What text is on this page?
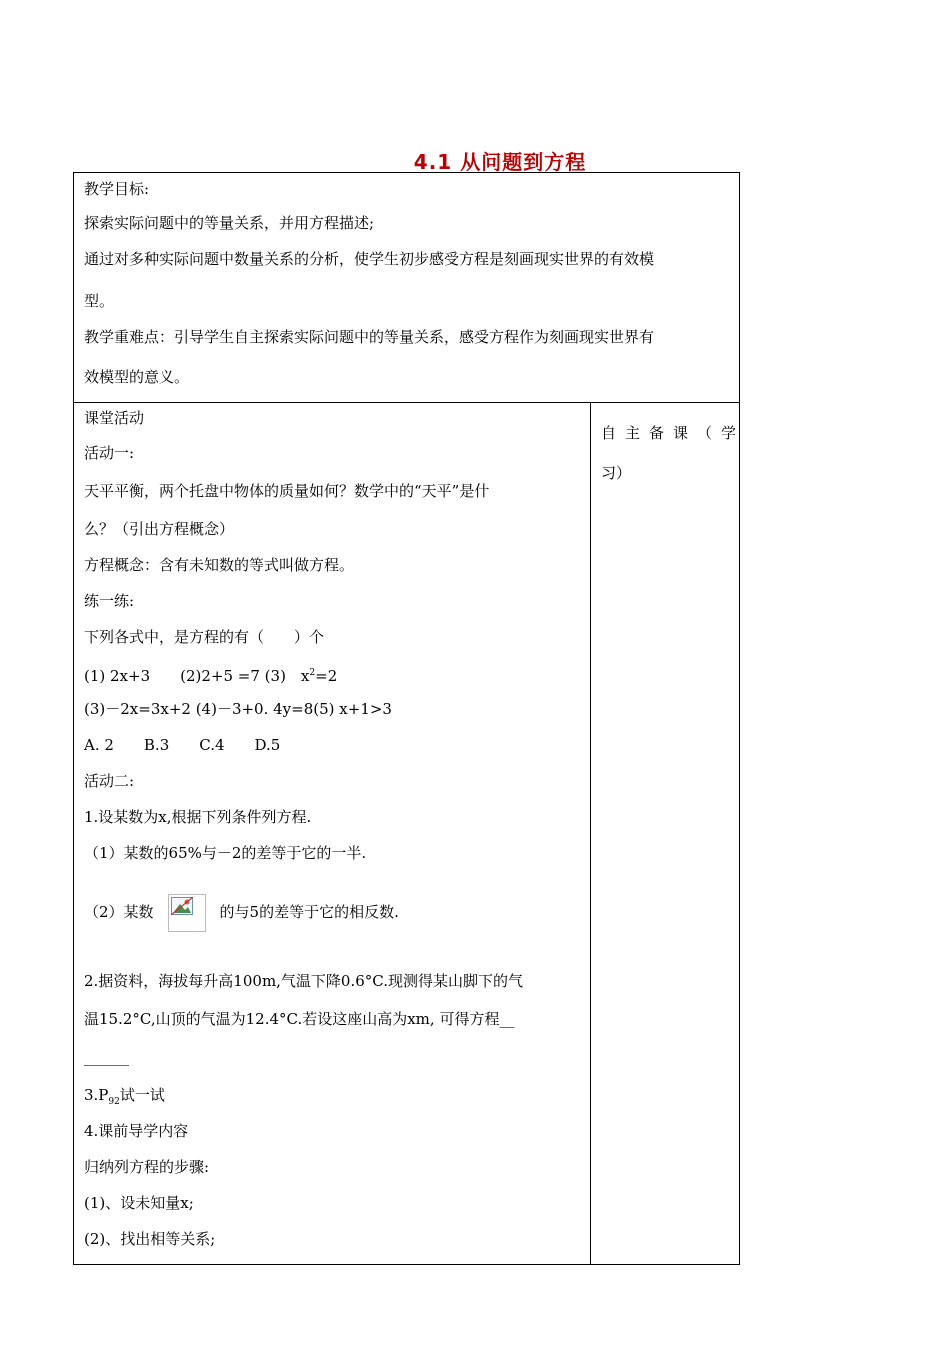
4.1 从问题到方程
教学目标:
探索实际问题中的等量关系，并用方程描述;
通过对多种实际问题中数量关系的分析，使学生初步感受方程是刻画现实世界的有效模
型。
教学重难点：引导学生自主探索实际问题中的等量关系，感受方程作为刻画现实世界有
效模型的意义。
课堂活动
活动一:
天平平衡，两个托盘中物体的质量如何？数学中的“天平”是什
么？（引出方程概念）
方程概念：含有未知数的等式叫做方程。
练一练:
下列各式中，是方程的有（　　）个
(1) 2x+3　　(2)2+5 =7 (3)　$x^2=2$
(3)－2x=3x+2 (4)－3+0. 4y=8(5) x+1>3
A. 2　　B.3　　C.4　　D.5
活动二:
1.设某数为x,根据下列条件列方程.
（1）某数的65%与－2的差等于它的一半.
（2）某数	的与5的差等于它的相反数.
2.据资料，海拔每升高100m,气温下降0.6°C.现测得某山脚下的气
温15.2°C,山顶的气温为12.4°C.若设这座山高为xm, 可得方程__
______
$3.P_{92}$试一试
4.课前导学内容
归纳列方程的步骤:
(1)、设未知量x;
(2)、找出相等关系;
自主备课（学
习）
